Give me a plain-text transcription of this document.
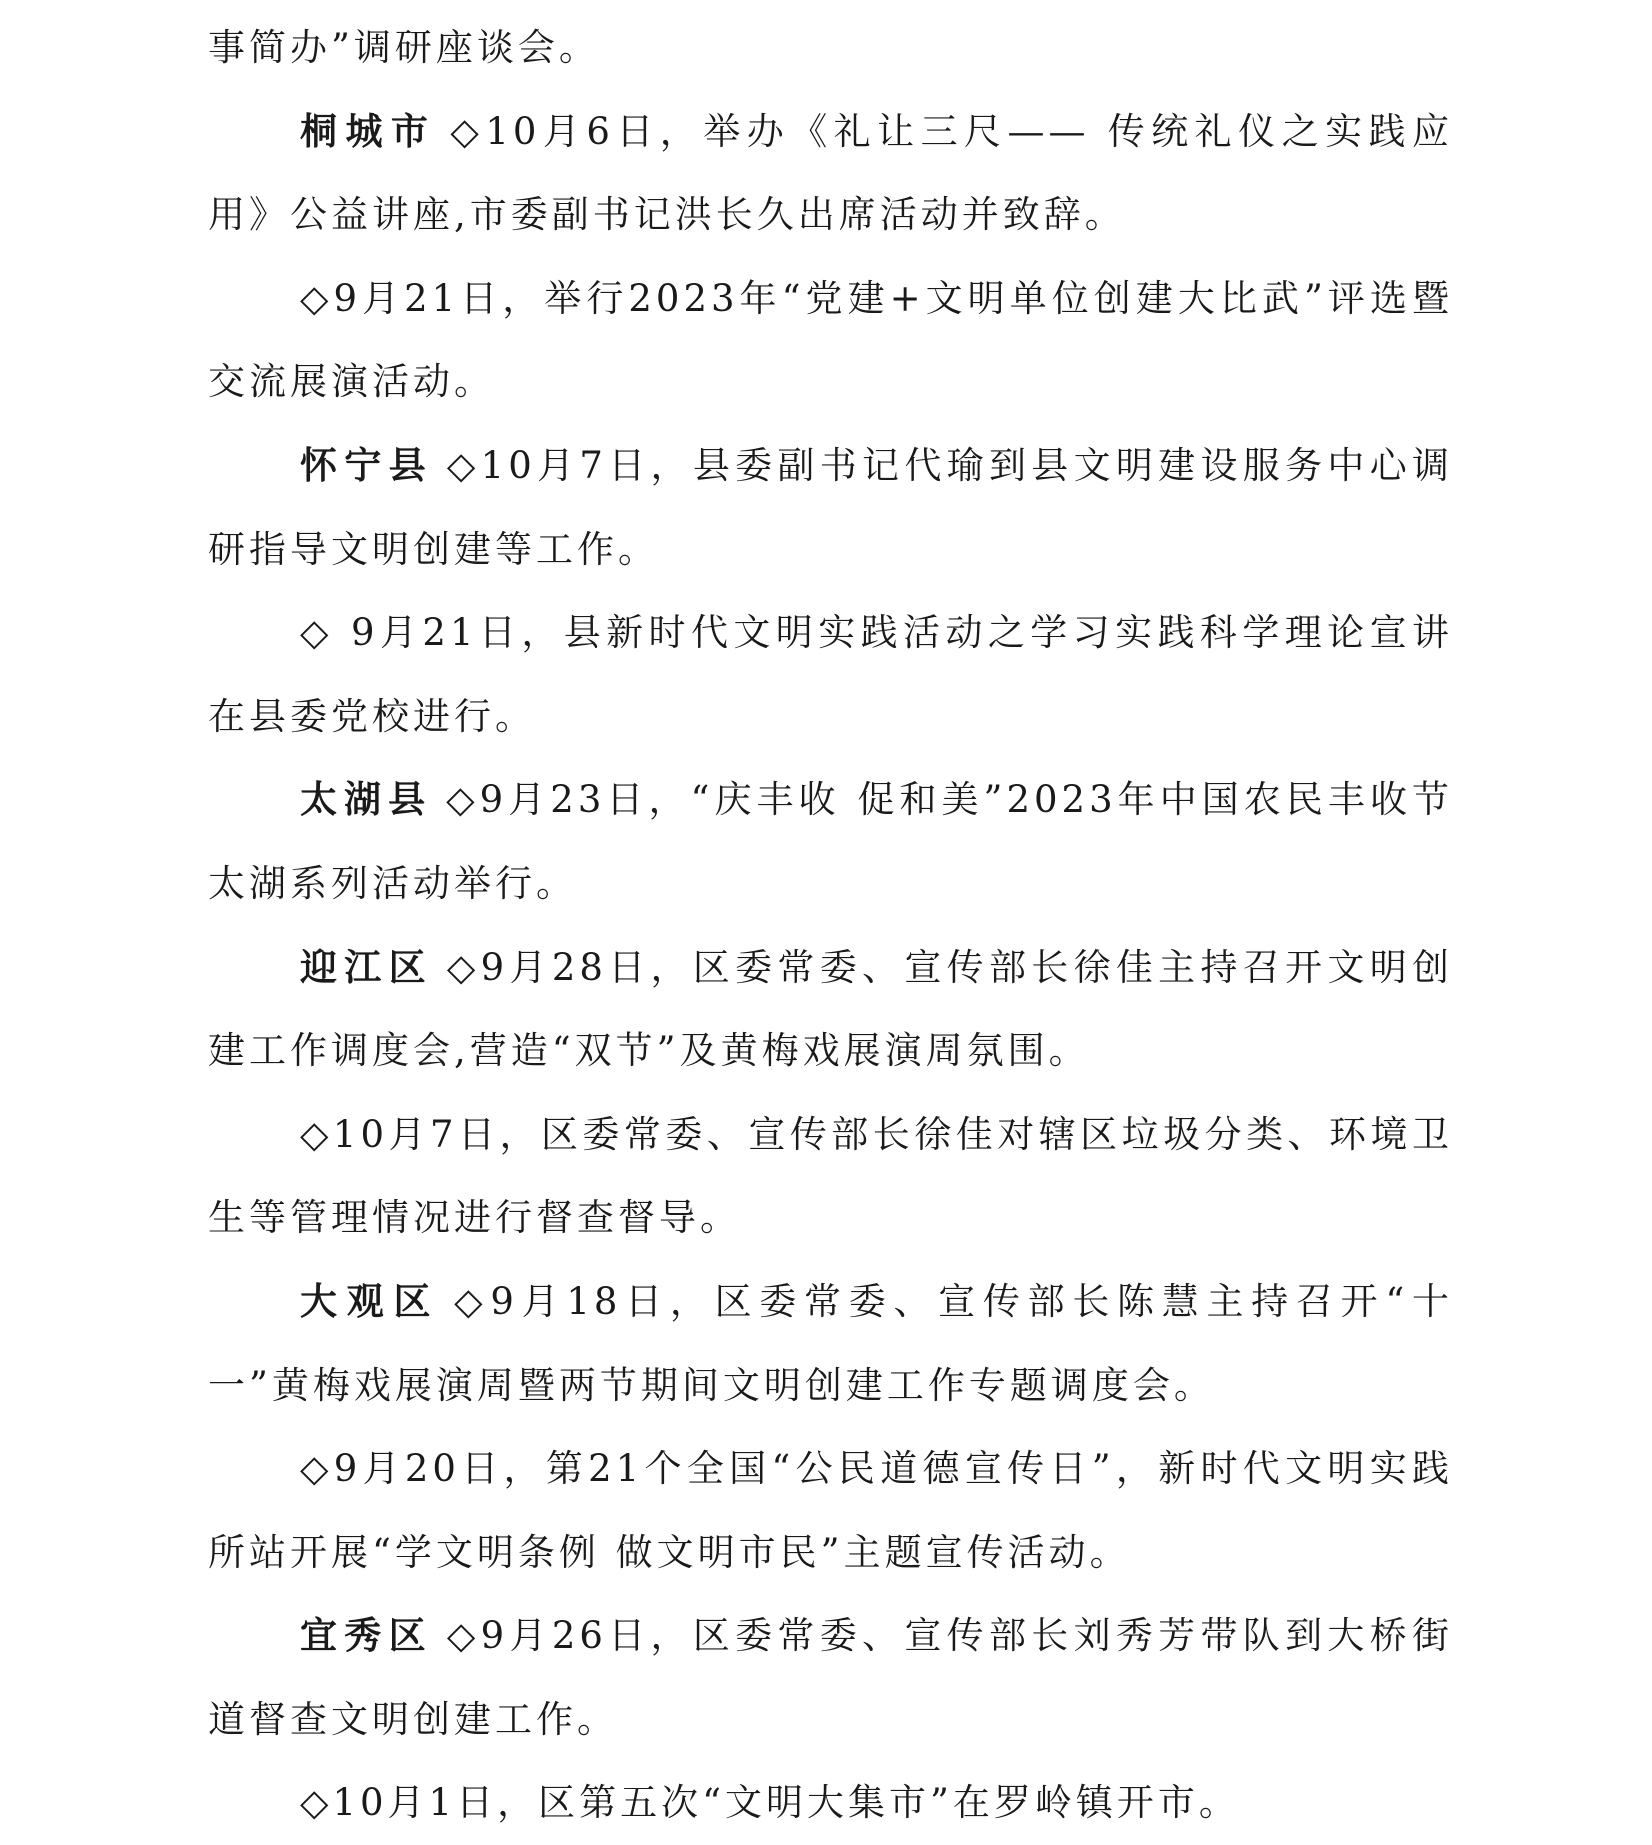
事简办”调研座谈会。

桐城市 ◇10月6日，举办《礼让三尺—— 传统礼仪之实践应用》公益讲座,市委副书记洪长久出席活动并致辞。

◇9月21日，举行2023年“党建+文明单位创建大比武”评选暨交流展演活动。

怀宁县 ◇10月7日，县委副书记代瑜到县文明建设服务中心调研指导文明创建等工作。

◇ 9月21日，县新时代文明实践活动之学习实践科学理论宣讲在县委党校进行。

太湖县 ◇9月23日，“庆丰收 促和美”2023年中国农民丰收节太湖系列活动举行。

迎江区 ◇9月28日，区委常委、宣传部长徐佳主持召开文明创建工作调度会,营造“双节”及黄梅戏展演周氛围。

◇10月7日，区委常委、宣传部长徐佳对辖区垃圾分类、环境卫生等管理情况进行督查督导。

大观区 ◇9月18日，区委常委、宣传部长陈慧主持召开“十一”黄梅戏展演周暨两节期间文明创建工作专题调度会。

◇9月20日，第21个全国“公民道德宣传日”，新时代文明实践所站开展“学文明条例 做文明市民”主题宣传活动。

宜秀区 ◇9月26日，区委常委、宣传部长刘秀芳带队到大桥街道督查文明创建工作。

◇10月1日，区第五次“文明大集市”在罗岭镇开市。
